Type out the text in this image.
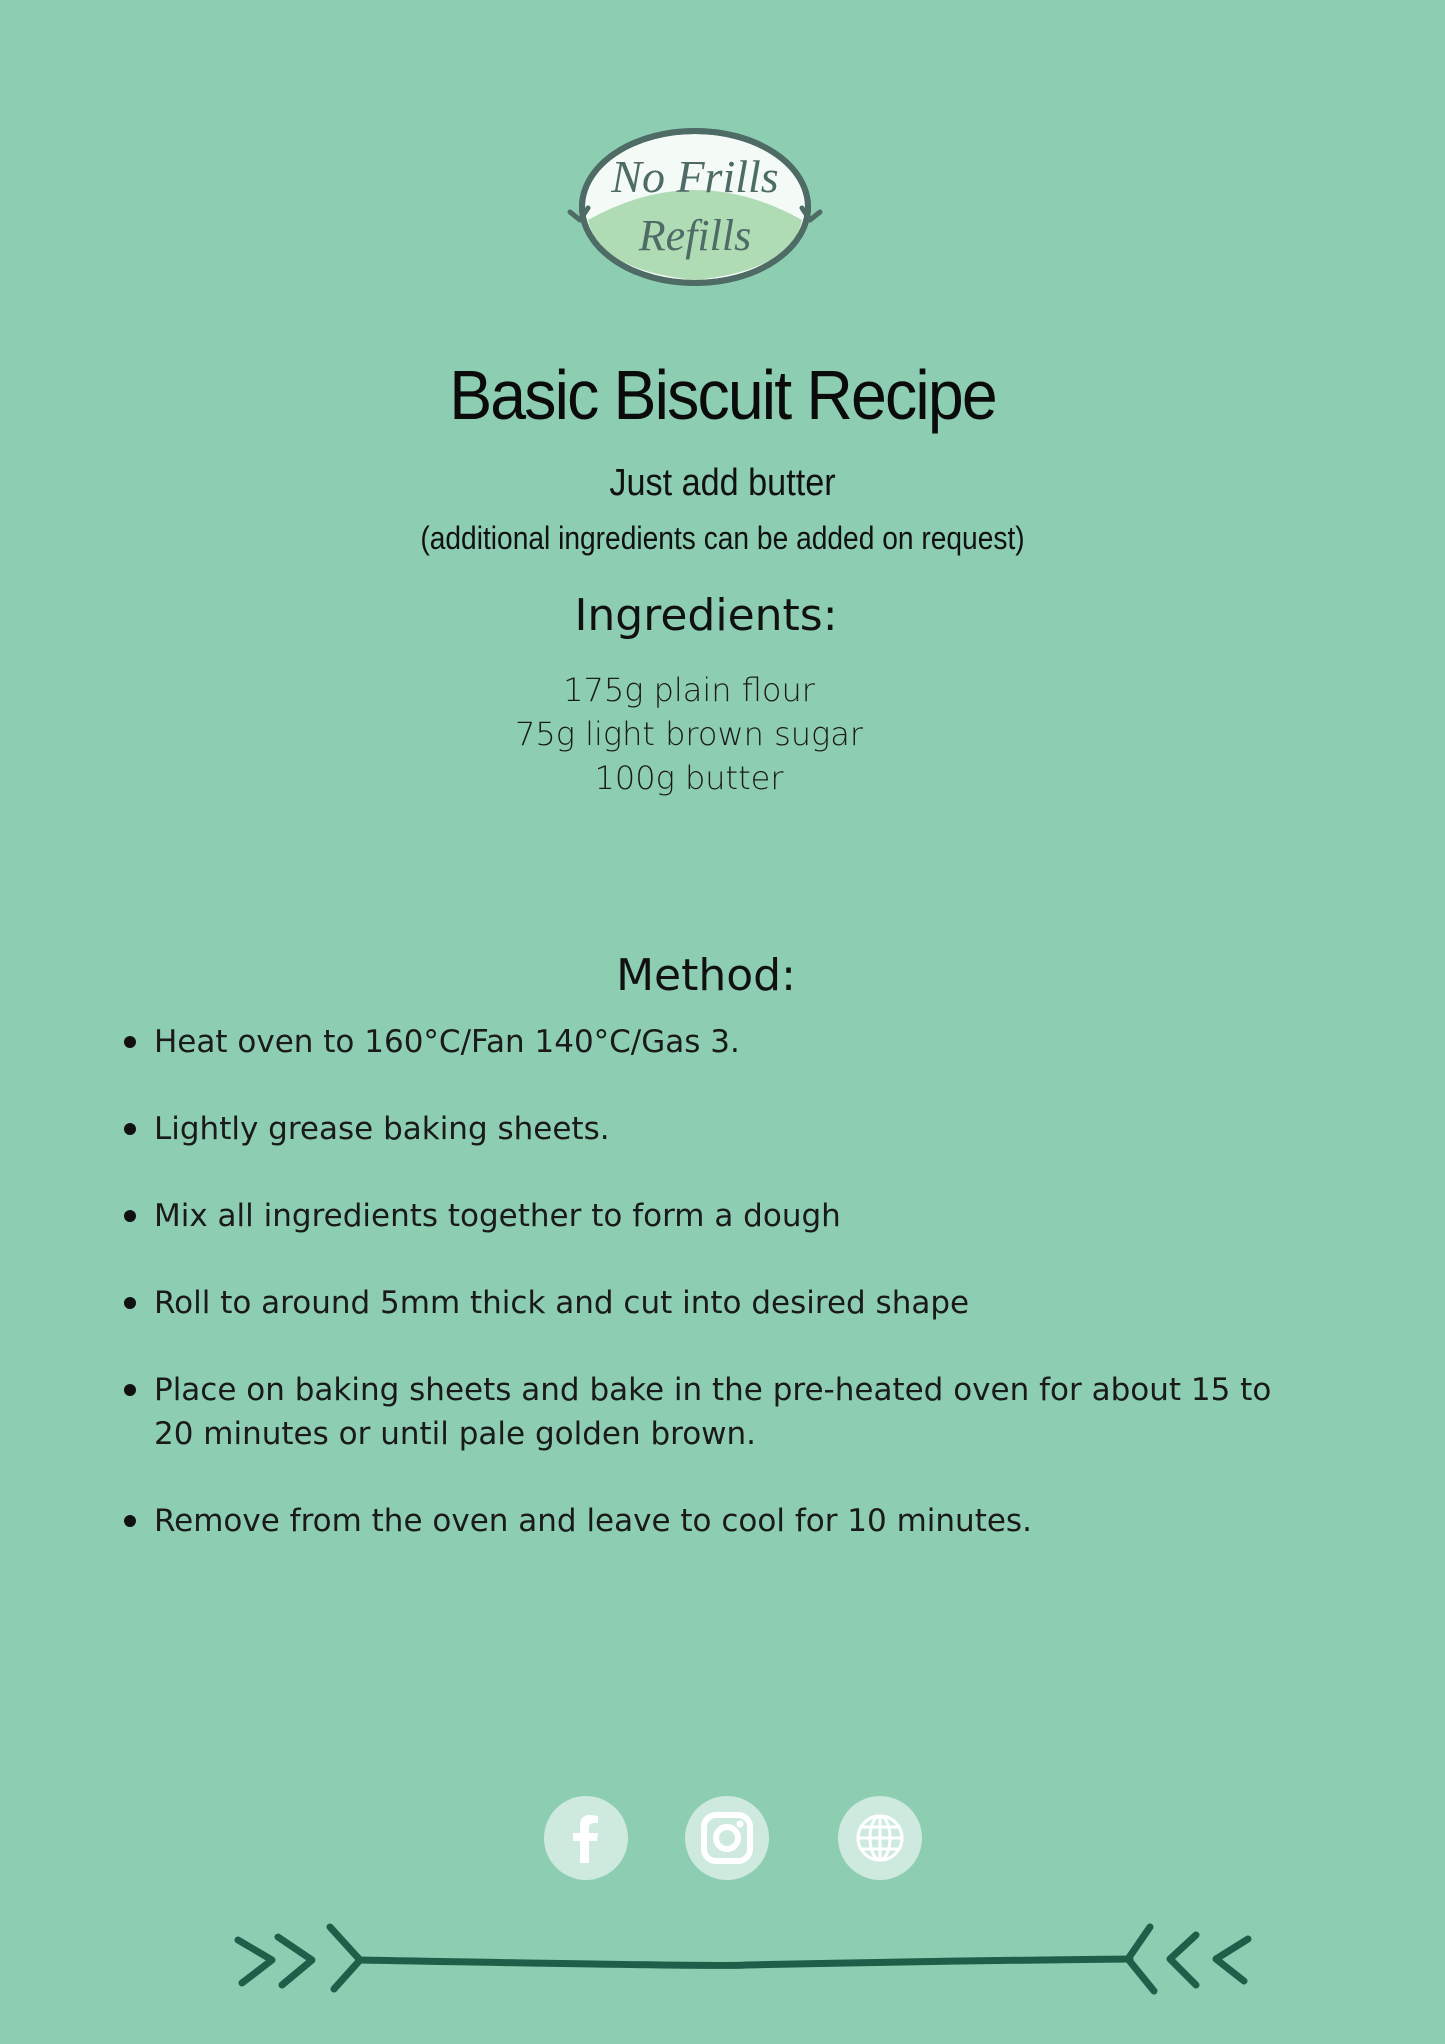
No Frills
Refills
Basic Biscuit Recipe
Just add butter
(additional ingredients can be added on request)
Ingredients:
175g plain flour
75g light brown sugar
100g butter
Method:
Heat oven to 160°C/Fan 140°C/Gas 3.
Lightly grease baking sheets.
Mix all ingredients together to form a dough
Roll to around 5mm thick and cut into desired shape
Place on baking sheets and bake in the pre-heated oven for about 15 to 20 minutes or until pale golden brown.
Remove from the oven and leave to cool for 10 minutes.
